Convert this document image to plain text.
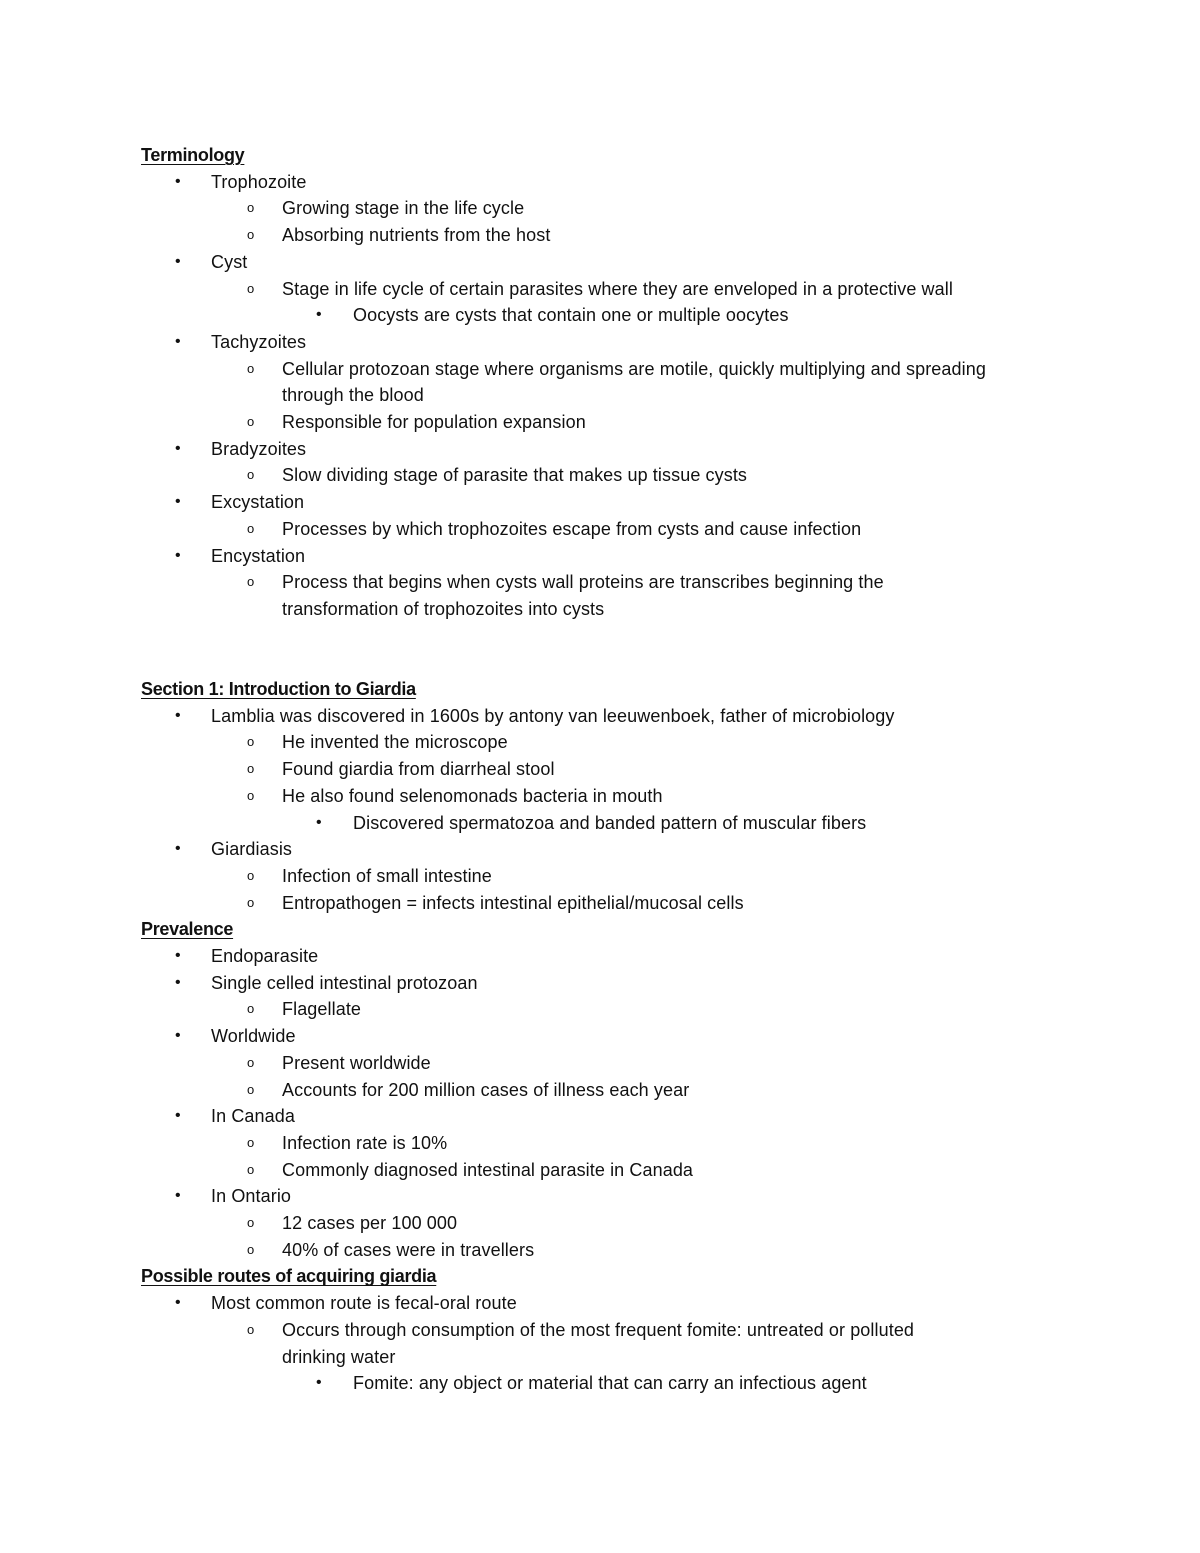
Terminology
• Trophozoite
o Growing stage in the life cycle
o Absorbing nutrients from the host
• Cyst
o Stage in life cycle of certain parasites where they are enveloped in a protective wall
• Oocysts are cysts that contain one or multiple oocytes
• Tachyzoites
o Cellular protozoan stage where organisms are motile, quickly multiplying and spreading
through the blood
o Responsible for population expansion
• Bradyzoites
o Slow dividing stage of parasite that makes up tissue cysts
• Excystation
o Processes by which trophozoites escape from cysts and cause infection
• Encystation
o Process that begins when cysts wall proteins are transcribes beginning the
transformation of trophozoites into cysts
Section 1: Introduction to Giardia
• Lamblia was discovered in 1600s by antony van leeuwenboek, father of microbiology
o He invented the microscope
o Found giardia from diarrheal stool
o He also found selenomonads bacteria in mouth
• Discovered spermatozoa and banded pattern of muscular fibers
• Giardiasis
o Infection of small intestine
o Entropathogen = infects intestinal epithelial/mucosal cells
Prevalence
• Endoparasite
• Single celled intestinal protozoan
o Flagellate
• Worldwide
o Present worldwide
o Accounts for 200 million cases of illness each year
• In Canada
o Infection rate is 10%
o Commonly diagnosed intestinal parasite in Canada
• In Ontario
o 12 cases per 100 000
o 40% of cases were in travellers
Possible routes of acquiring giardia
• Most common route is fecal-oral route
o Occurs through consumption of the most frequent fomite: untreated or polluted
drinking water
• Fomite: any object or material that can carry an infectious agent
